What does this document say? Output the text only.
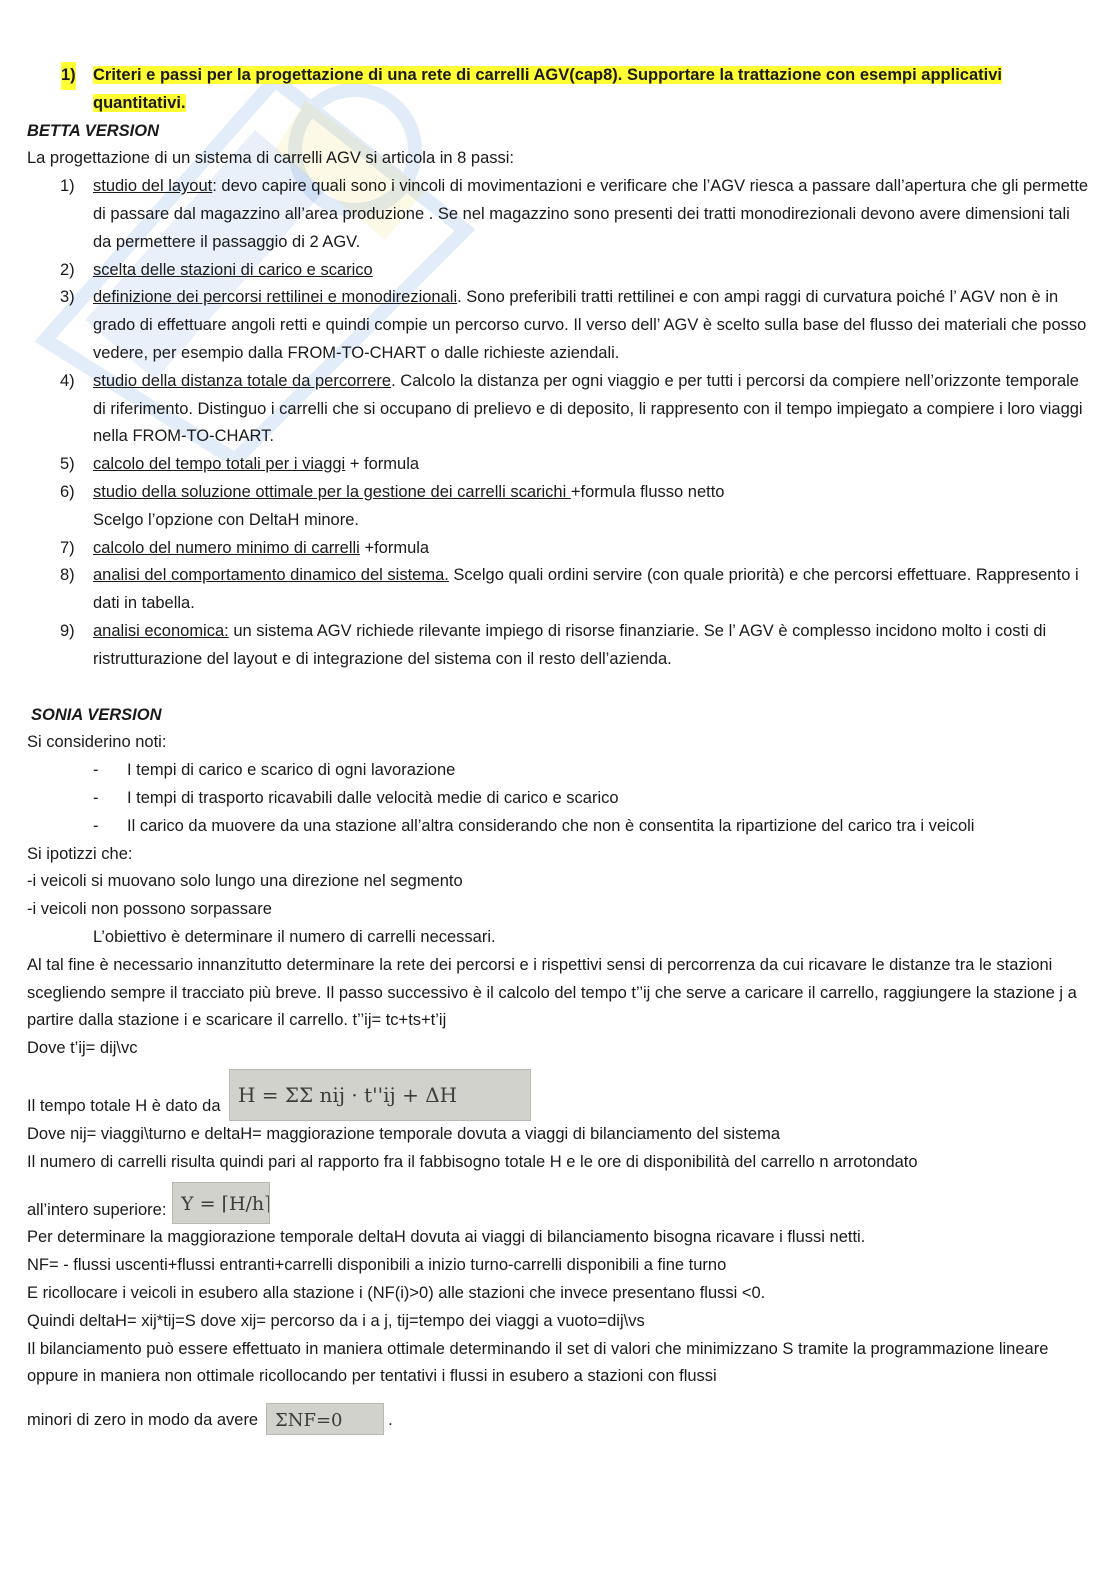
1) Criteri e passi per la progettazione di una rete di carrelli AGV(cap8). Supportare la trattazione con esempi applicativi
quantitativi.
BETTA VERSION
La progettazione di un sistema di carrelli AGV si articola in 8 passi:
1) studio del layout: devo capire quali sono i vincoli di movimentazioni e verificare che l’AGV riesca a passare dall’apertura che gli permette di passare dal magazzino all’area produzione . Se nel magazzino sono presenti dei tratti monodirezionali devono avere dimensioni tali da permettere il passaggio di 2 AGV.
2) scelta delle stazioni di carico e scarico
3) definizione dei percorsi rettilinei e monodirezionali. Sono preferibili tratti rettilinei e con ampi raggi di curvatura poiché l’ AGV non è in grado di effettuare angoli retti e quindi compie un percorso curvo. Il verso dell’ AGV è scelto sulla base del flusso dei materiali che posso vedere, per esempio dalla FROM-TO-CHART o dalle richieste aziendali.
4) studio della distanza totale da percorrere. Calcolo la distanza per ogni viaggio e per tutti i percorsi da compiere nell’orizzonte temporale di riferimento. Distinguo i carrelli che si occupano di prelievo e di deposito, li rappresento con il tempo impiegato a compiere i loro viaggi nella FROM-TO-CHART.
5) calcolo del tempo totali per i viaggi + formula
6) studio della soluzione ottimale per la gestione dei carrelli scarichi +formula flusso netto
Scelgo l’opzione con DeltaH minore.
7) calcolo del numero minimo di carrelli +formula
8) analisi del comportamento dinamico del sistema. Scelgo quali ordini servire (con quale priorità) e che percorsi effettuare. Rappresento i dati in tabella.
9) analisi economica: un sistema AGV richiede rilevante impiego di risorse finanziarie. Se l’ AGV è complesso incidono molto i costi di ristrutturazione del layout e di integrazione del sistema con il resto dell’azienda.
SONIA VERSION
Si considerino noti:
- I tempi di carico e scarico di ogni lavorazione
- I tempi di trasporto ricavabili dalle velocità medie di carico e scarico
- Il carico da muovere da una stazione all’altra considerando che non è consentita la ripartizione del carico tra i veicoli
Si ipotizzi che:
-i veicoli si muovano solo lungo una direzione nel segmento
-i veicoli non possono sorpassare
L’obiettivo è determinare il numero di carrelli necessari.
Al tal fine è necessario innanzitutto determinare la rete dei percorsi e i rispettivi sensi di percorrenza da cui ricavare le distanze tra le stazioni scegliendo sempre il tracciato più breve. Il passo successivo è il calcolo del tempo t’’ij che serve a caricare il carrello, raggiungere la stazione j a partire dalla stazione i e scaricare il carrello. t’’ij= tc+ts+t’ij
Dove t’ij= dij\vc
Il tempo totale H è dato da H = ΣΣ nij · t''ij + ΔH
Dove nij= viaggi\turno e deltaH= maggiorazione temporale dovuta a viaggi di bilanciamento del sistema
Il numero di carrelli risulta quindi pari al rapporto fra il fabbisogno totale H e le ore di disponibilità del carrello n arrotondato
all’intero superiore: Y = ⌈H/h⌉
Per determinare la maggiorazione temporale deltaH dovuta ai viaggi di bilanciamento bisogna ricavare i flussi netti.
NF= - flussi uscenti+flussi entranti+carrelli disponibili a inizio turno-carrelli disponibili a fine turno
E ricollocare i veicoli in esubero alla stazione i (NF(i)>0) alle stazioni che invece presentano flussi <0.
Quindi deltaH= xij*tij=S dove xij= percorso da i a j, tij=tempo dei viaggi a vuoto=dij\vs
Il bilanciamento può essere effettuato in maniera ottimale determinando il set di valori che minimizzano S tramite la programmazione lineare oppure in maniera non ottimale ricollocando per tentativi i flussi in esubero a stazioni con flussi
minori di zero in modo da avere ΣNF=0	.
